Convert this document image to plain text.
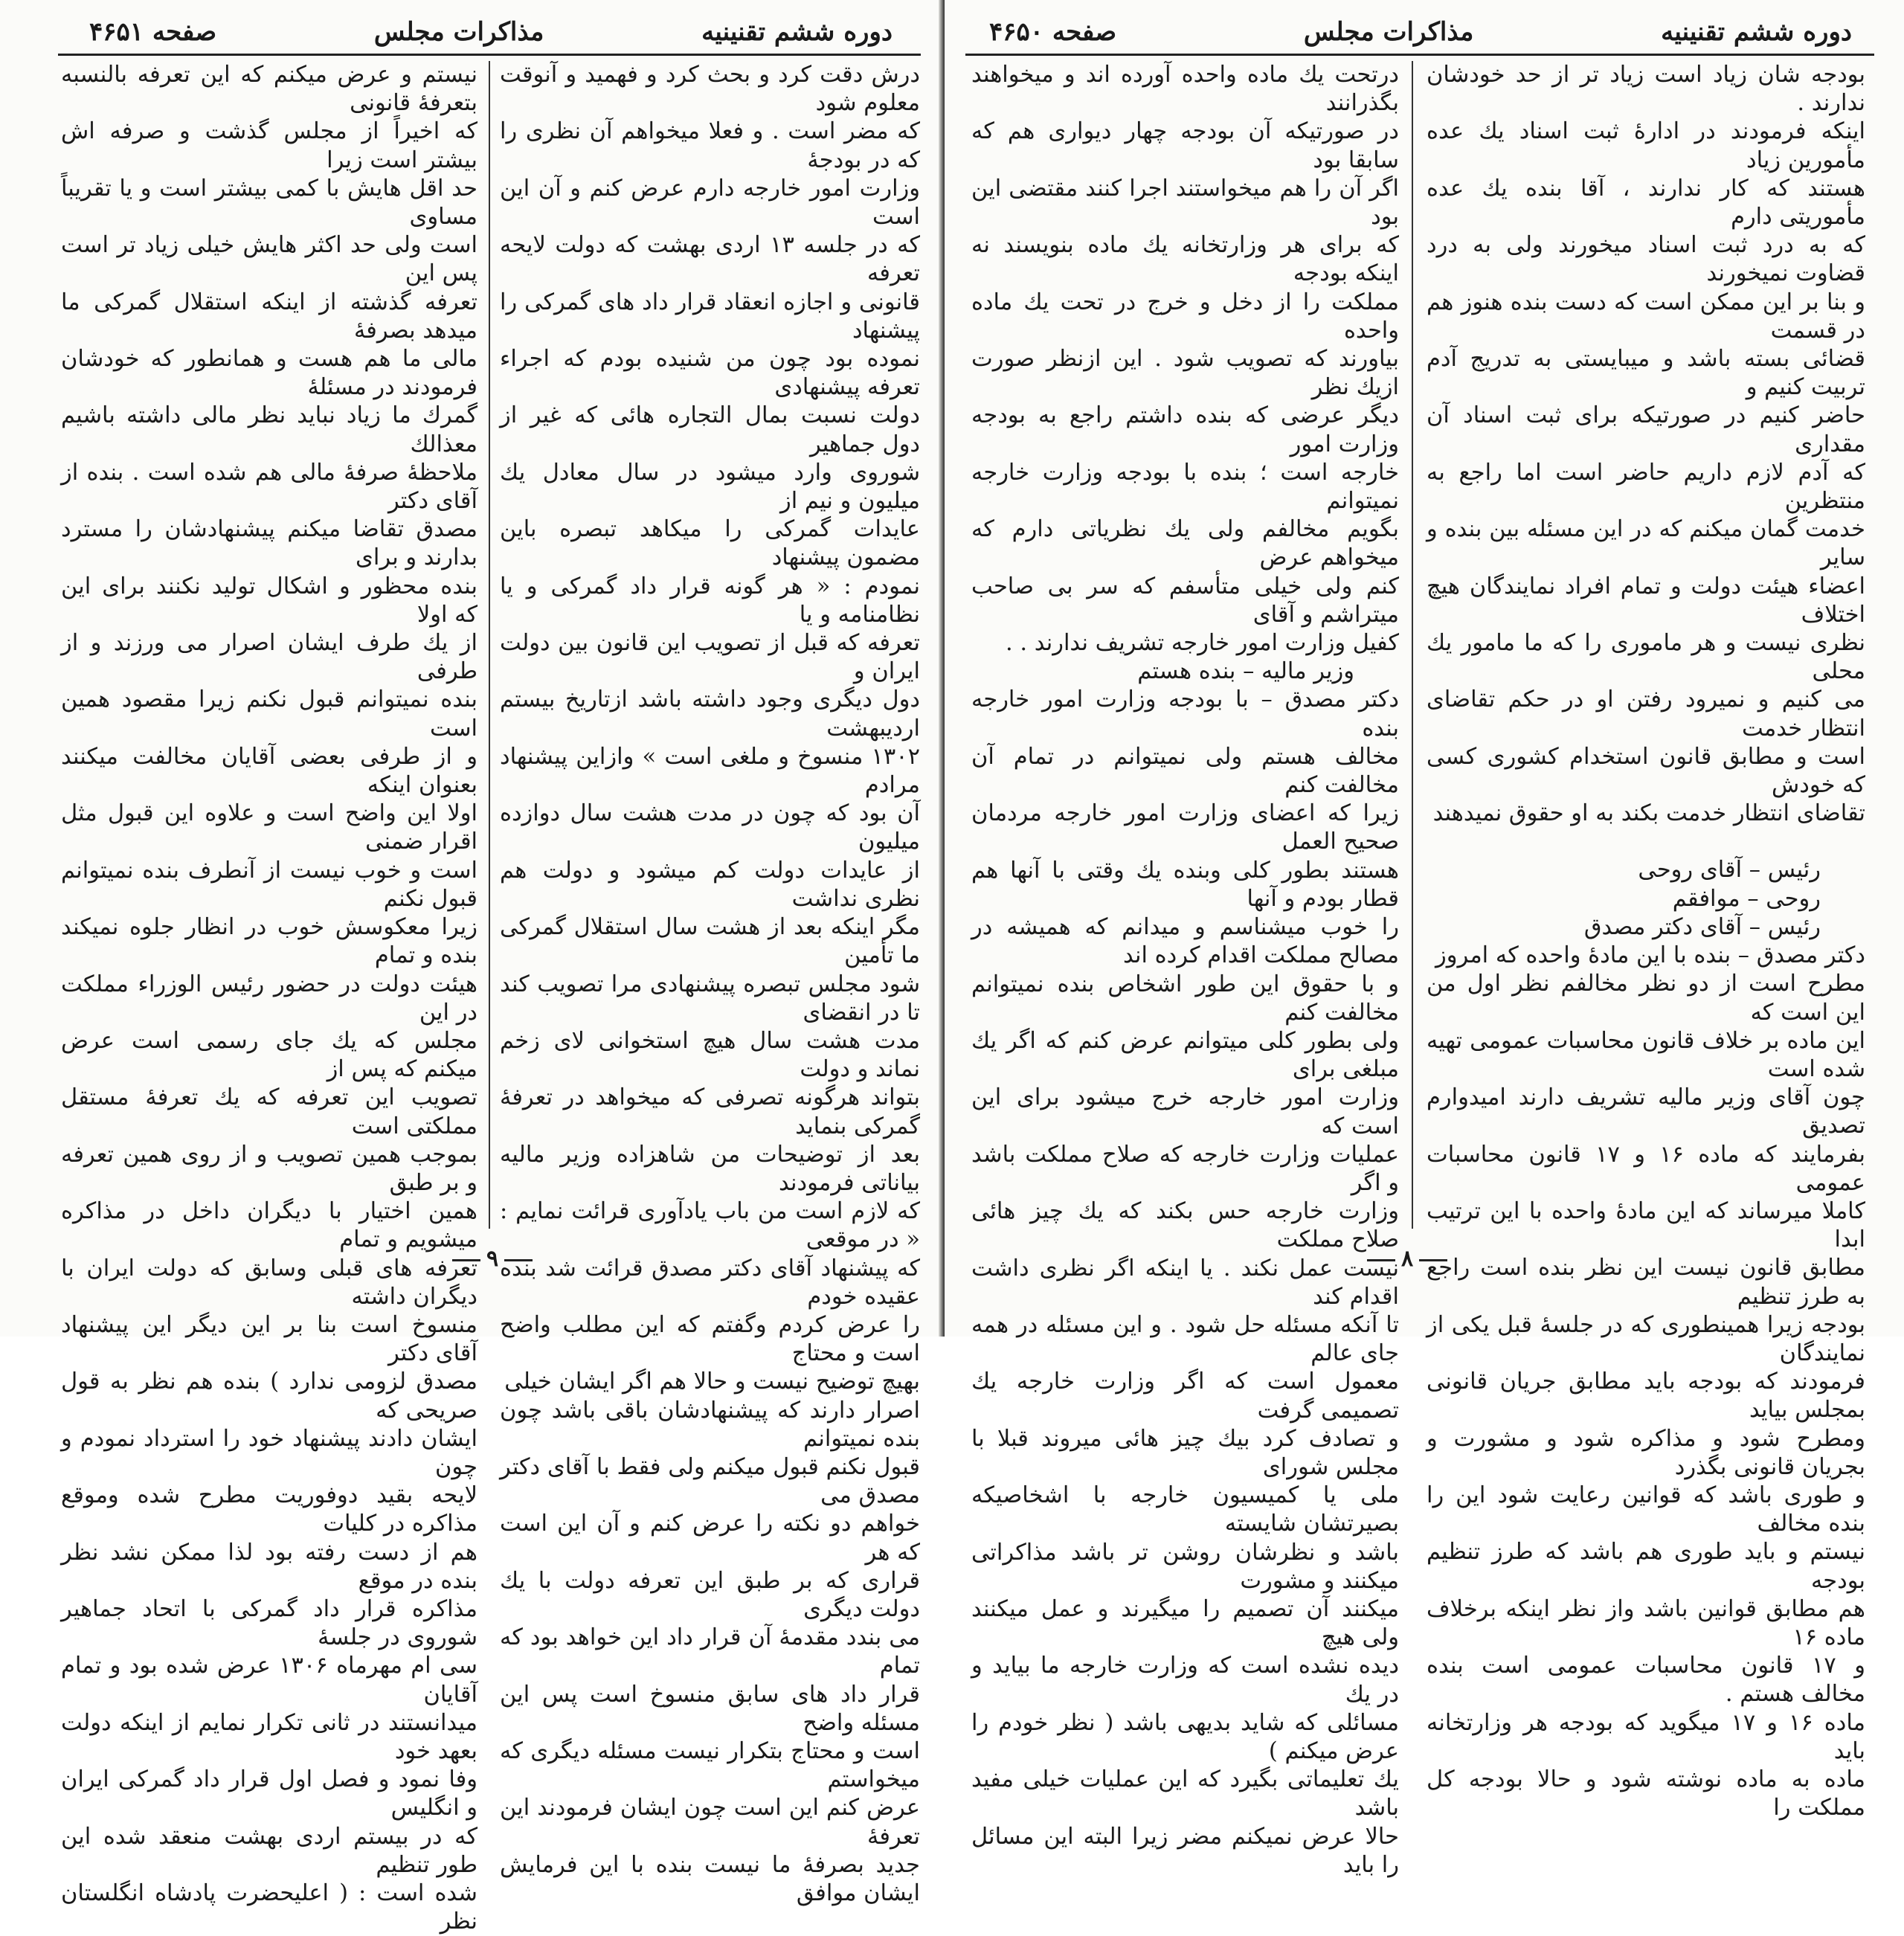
دوره ششم تقنینیه
مذاکرات مجلس
صفحه ۴۶۵۱

نیستم و عرض میکنم که این تعرفه بالنسبه بتعرفهٔ قانونی

که اخیراً از مجلس گذشت و صرفه اش بیشتر است زیرا

حد اقل هایش با کمی بیشتر است و یا تقریباً مساوی

است ولی حد اکثر هایش خیلی زیاد تر است پس این

تعرفه گذشته از اینکه استقلال گمرکی ما میدهد بصرفهٔ

مالی ما هم هست و همانطور که خودشان فرمودند در مسئلهٔ

گمرك ما زیاد نباید نظر مالی داشته باشیم معذالك

ملاحظهٔ صرفهٔ مالی هم شده است . بنده از آقای دکتر

مصدق تقاضا میکنم پیشنهادشان را مسترد بدارند و برای

بنده محظور و اشکال تولید نکنند برای این که اولا

از یك طرف ایشان اصرار می ورزند و از طرفی

بنده نمیتوانم قبول نکنم زیرا مقصود همین است

و از طرفی بعضی آقایان مخالفت میکنند بعنوان اینکه

اولا این واضح است و علاوه این قبول مثل اقرار ضمنی

است و خوب نیست از آنطرف بنده نمیتوانم قبول نکنم

زیرا معکوسش خوب در انظار جلوه نمیکند بنده و تمام

هیئت دولت در حضور رئیس الوزراء مملکت در این

مجلس که یك جای رسمی است عرض میکنم که پس از

تصویب این تعرفه که یك تعرفهٔ مستقل مملکتی است

بموجب همین تصویب و از روی همین تعرفه و بر طبق

همین اختیار با دیگران داخل در مذاکره میشویم و تمام

تعرفه های قبلی وسابق که دولت ایران با دیگران داشته

منسوخ است بنا بر این دیگر این پیشنهاد آقای دکتر

مصدق لزومی ندارد ) بنده هم نظر به قول صریحی که

ایشان دادند پیشنهاد خود را استرداد نمودم و چون

لایحه بقید دوفوریت مطرح شده وموقع مذاکره در کلیات

هم از دست رفته بود لذا ممکن نشد نظر بنده در موقع

مذاکره قرار داد گمرکی با اتحاد جماهیر شوروی در جلسهٔ

سی ام مهرماه ۱۳۰۶ عرض شده بود و تمام آقایان

میدانستند در ثانی تکرار نمایم از اینکه دولت بعهد خود

وفا نمود و فصل اول قرار داد گمرکی ایران و انگلیس

که در بیستم اردی بهشت منعقد شده این طور تنظیم

شده است : ( اعلیحضرت پادشاه انگلستان نظر

درش دقت کرد و بحث کرد و فهمید و آنوقت معلوم شود

که مضر است . و فعلا میخواهم آن نظری را که در بودجهٔ

وزارت امور خارجه دارم عرض کنم و آن این است

که در جلسه ۱۳ اردی بهشت که دولت لایحه تعرفه

قانونی و اجازه انعقاد قرار داد های گمرکی را پیشنهاد

نموده بود چون من شنیده بودم که اجراء تعرفه پیشنهادی

دولت نسبت بمال التجاره هائی که غیر از دول جماهیر

شوروی وارد میشود در سال معادل یك میلیون و نیم از

عایدات گمرکی را میکاهد تبصره باین مضمون پیشنهاد

نمودم : « هر گونه قرار داد گمرکی و یا نظامنامه و یا

تعرفه که قبل از تصویب این قانون بین دولت ایران و

دول دیگری وجود داشته باشد ازتاریخ بیستم اردیبهشت

۱۳۰۲ منسوخ و ملغی است » وازاین پیشنهاد مرادم

آن بود که چون در مدت هشت سال دوازده میلیون

از عایدات دولت کم میشود و دولت هم نظری نداشت

مگر اینکه بعد از هشت سال استقلال گمرکی ما تأمین

شود مجلس تبصره پیشنهادی مرا تصویب کند تا در انقضای

مدت هشت سال هیچ استخوانی لای زخم نماند و دولت

بتواند هرگونه تصرفی که میخواهد در تعرفهٔ گمرکی بنماید

بعد از توضیحات من شاهزاده وزیر مالیه بیاناتی فرمودند

که لازم است من باب یادآوری قرائت نمایم : « در موقعی

که پیشنهاد آقای دکتر مصدق قرائت شد بنده عقیده خودم

را عرض کردم وگفتم که این مطلب واضح است و محتاج

بهیچ توضیح نیست و حالا هم اگر ایشان خیلی

اصرار دارند که پیشنهادشان باقی باشد چون بنده نمیتوانم

قبول نکنم قبول میکنم ولی فقط با آقای دکتر مصدق می

خواهم دو نکته را عرض کنم و آن این است که هر

قراری که بر طبق این تعرفه دولت با یك دولت دیگری

می بندد مقدمهٔ آن قرار داد این خواهد بود که تمام

قرار داد های سابق منسوخ است پس این مسئله واضح

است و محتاج بتکرار نیست مسئله دیگری که میخواستم

عرض کنم این است چون ایشان فرمودند این تعرفهٔ

جدید بصرفهٔ ما نیست بنده با این فرمایش ایشان موافق

۹
دوره ششم تقنینیه
مذاکرات مجلس
صفحه ۴۶۵۰

درتحت یك ماده واحده آورده اند و میخواهند بگذرانند

در صورتیکه آن بودجه چهار دیواری هم که سابقا بود

اگر آن را هم میخواستند اجرا کنند مقتضی این بود

که برای هر وزارتخانه یك ماده بنویسند نه اینکه بودجه

مملکت را از دخل و خرج در تحت یك ماده واحده

بیاورند که تصویب شود . این ازنظر صورت ازیك نظر

دیگر عرضی که بنده داشتم راجع به بودجه وزارت امور

خارجه است ؛ بنده با بودجه وزارت خارجه نمیتوانم

بگویم مخالفم ولی یك نظریاتی دارم که میخواهم عرض

کنم ولی خیلی متأسفم که سر بی صاحب میتراشم و آقای

کفیل وزارت امور خارجه تشریف ندارند . .

وزیر مالیه – بنده هستم

دکتر مصدق – با بودجه وزارت امور خارجه بنده

مخالف هستم ولی نمیتوانم در تمام آن مخالفت کنم

زیرا که اعضای وزارت امور خارجه مردمان صحیح العمل

هستند بطور کلی وبنده یك وقتی با آنها هم قطار بودم و آنها

را خوب میشناسم و میدانم که همیشه در مصالح مملکت اقدام کرده اند

و با حقوق این طور اشخاص بنده نمیتوانم مخالفت کنم

ولی بطور کلی میتوانم عرض کنم که اگر یك مبلغی برای

وزارت امور خارجه خرج میشود برای این است که

عملیات وزارت خارجه که صلاح مملکت باشد و اگر

وزارت خارجه حس بکند که یك چیز هائی صلاح مملکت

نیست عمل نکند . یا اینکه اگر نظری داشت اقدام کند

تا آنکه مسئله حل شود . و این مسئله در همه جای عالم

معمول است که اگر وزارت خارجه یك تصمیمی گرفت

و تصادف کرد بیك چیز هائی میروند قبلا با مجلس شورای

ملی یا کمیسیون خارجه با اشخاصیکه بصیرتشان شایسته

باشد و نظرشان روشن تر باشد مذاکراتی میکنند و مشورت

میکنند آن تصمیم را میگیرند و عمل میکنند ولی هیچ

دیده نشده است که وزارت خارجه ما بیاید و در یك

مسائلی که شاید بدیهی باشد ( نظر خودم را عرض میکنم )

یك تعلیماتی بگیرد که این عملیات خیلی مفید باشد

حالا عرض نمیکنم مضر زیرا البته این مسائل را باید

بودجه شان زیاد است زیاد تر از حد خودشان ندارند .

اینکه فرمودند در ادارهٔ ثبت اسناد یك عده مأمورین زیاد

هستند که کار ندارند ، آقا بنده یك عده مأموریتی دارم

که به درد ثبت اسناد میخورند ولی به درد قضاوت نمیخورند

و بنا بر این ممکن است که دست بنده هنوز هم در قسمت

قضائی بسته باشد و میبایستی به تدریج آدم تربیت کنیم و

حاضر کنیم در صورتیکه برای ثبت اسناد آن مقداری

که آدم لازم داریم حاضر است اما راجع به منتظرین

خدمت گمان میکنم که در این مسئله بین بنده و سایر

اعضاء هیئت دولت و تمام افراد نمایندگان هیچ اختلاف

نظری نیست و هر ماموری را که ما مامور یك محلی

می کنیم و نمیرود رفتن او در حکم تقاضای انتظار خدمت

است و مطابق قانون استخدام کشوری کسی که خودش

تقاضای انتظار خدمت بکند به او حقوق نمیدهند

رئیس – آقای روحی

روحی – موافقم

رئیس – آقای دکتر مصدق

دکتر مصدق – بنده با این مادهٔ واحده که امروز

مطرح است از دو نظر مخالفم نظر اول من این است که

این ماده بر خلاف قانون محاسبات عمومی تهیه شده است

چون آقای وزیر مالیه تشریف دارند امیدوارم تصدیق

بفرمایند که ماده ۱۶ و ۱۷ قانون محاسبات عمومی

کاملا میرساند که این مادهٔ واحده با این ترتیب ابدا

مطابق قانون نیست این نظر بنده است راجع به طرز تنظیم

بودجه زیرا همینطوری که در جلسهٔ قبل یکی از نمایندگان

فرمودند که بودجه باید مطابق جریان قانونی بمجلس بیاید

ومطرح شود و مذاکره شود و مشورت و بجریان قانونی بگذرد

و طوری باشد که قوانین رعایت شود این را بنده مخالف

نیستم و باید طوری هم باشد که طرز تنظیم بودجه

هم مطابق قوانین باشد واز نظر اینکه برخلاف ماده ۱۶

و ۱۷ قانون محاسبات عمومی است بنده مخالف هستم .

ماده ۱۶ و ۱۷ میگوید که بودجه هر وزارتخانه باید

ماده به ماده نوشته شود و حالا بودجه کل مملکت را

۸
